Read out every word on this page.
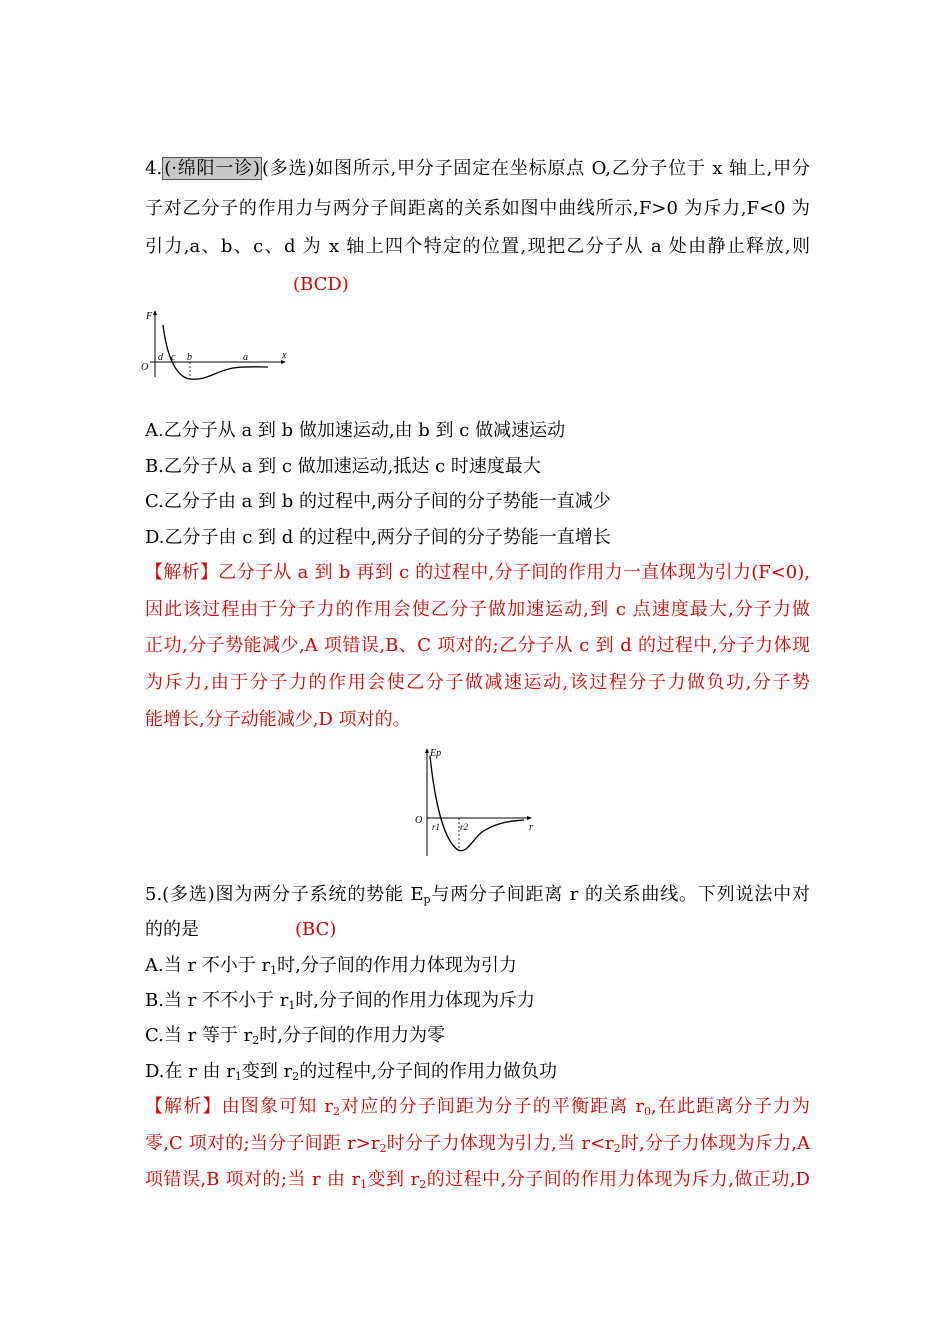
4. (·绵阳一诊) (多选)如图所示,甲分子固定在坐标原点 O,乙分子位于 x 轴上,甲分
子对乙分子的作用力与两分子间距离的关系如图中曲线所示,F>0 为斥力,F<0 为
引力,a、b、c、d 为 x 轴上四个特定的位置,现把乙分子从 a 处由静止释放,则
(BCD)
F
O
x
d c b	a
A.乙分子从 a 到 b 做加速运动,由 b 到 c 做减速运动
B.乙分子从 a 到 c 做加速运动,抵达 c 时速度最大
C.乙分子由 a 到 b 的过程中,两分子间的分子势能一直减少
D.乙分子由 c 到 d 的过程中,两分子间的分子势能一直增长
【解析】乙分子从 a 到 b 再到 c 的过程中,分子间的作用力一直体现为引力(F<0),
因此该过程由于分子力的作用会使乙分子做加速运动,到 c 点速度最大,分子力做
正功,分子势能减少,A 项错误,B、C 项对的;乙分子从 c 到 d 的过程中,分子力体现
为斥力,由于分子力的作用会使乙分子做减速运动,该过程分子力做负功,分子势
能增长,分子动能减少,D 项对的。
Ep
O
r
r1 r2
5.(多选)图为两分子系统的势能 $E_p$与两分子间距离 r 的关系曲线。下列说法中对
的的是	(BC)
A.当 r 不小于 $r_1$时,分子间的作用力体现为引力
B.当 r 不不小于 $r_1$时,分子间的作用力体现为斥力
C.当 r 等于 $r_2$时,分子间的作用力为零
D.在 r 由 $r_1$变到 $r_2$的过程中,分子间的作用力做负功
【解析】由图象可知 $r_2$对应的分子间距为分子的平衡距离 $r_0$,在此距离分子力为
零,C 项对的;当分子间距 $r>r_2$时分子力体现为引力,当 $r<r_2$时,分子力体现为斥力,A
项错误,B 项对的;当 r 由 $r_1$变到 $r_2$的过程中,分子间的作用力体现为斥力,做正功,D
